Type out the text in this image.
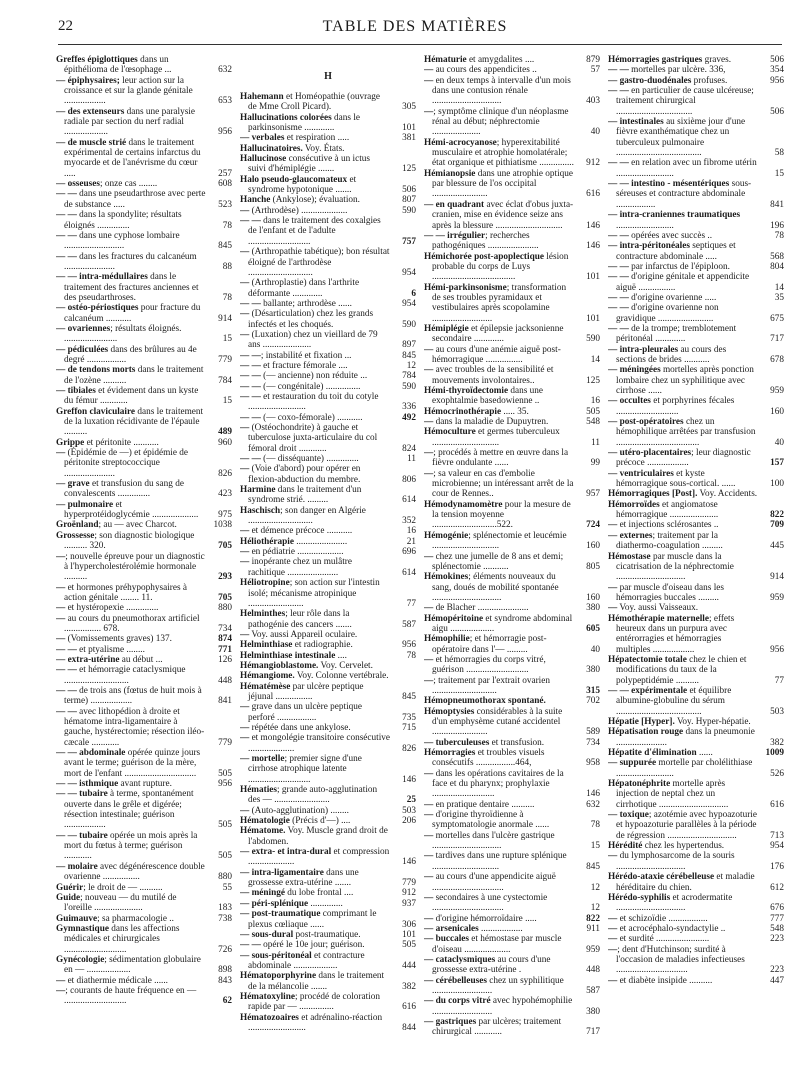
22	TABLE DES MATIÈRES

Greffes épiglottiques dans un épithélioma de l'œsophage ...	632

— épiphysaires; leur action sur la croissance et sur la glande génitale ..................	653

— des extenseurs dans une paralysie radiale par section du nerf radial ...................	956

— de muscle strié dans le traitement expérimental de certains infarctus du myocarde et de l'anévrisme du cœur .....	257

— osseuses; onze cas ........	608

— — dans une pseudarthrose avec perte de substance .....	523

— — dans la spondylite; résultats éloignés ..............	78

— — dans une cyphose lombaire ..........................	845

— — dans les fractures du calcanéum ......................	88

— — intra-médullaires dans le traitement des fractures anciennes et des pseudarthroses.	78

— ostéo-périostiques pour fracture du calcanéum ...........	914

— ovariennes; résultats éloignés. .......................	15

— pédiculées dans des brûlures au 4e degré .................	779

— de tendons morts dans le traitement de l'ozène ..........	784

— tibiales et évidement dans un kyste du fémur ............	15

Greffon claviculaire dans le traitement de la luxation récidivante de l'épaule ..........	489

Grippe et péritonite ...........	960

— (Épidémie de —) et épidémie de péritonite streptococcique ......................	826

— grave et transfusion du sang de convalescents ..............	423

— pulmonaire et hyperprotéidoglycémie .................... 975

Groënland; au — avec Charcot.	1038

Grossesse; son diagnostic biologique .......... 320.	705

—; nouvelle épreuve pour un diagnostic à l'hypercholestérolémie hormonale ..........	293

— et hormones préhypophysaires à action génitale ........ 11.	705

— et hystéropexie ..............	880

— au cours du pneumothorax artificiel ................ 678.	734

— (Vomissements graves) 137.	874

— — et ptyalisme ........	771

— extra-utérine au début ...	126

— — et hémorragie cataclysmique ............................	448

— — de trois ans (fœtus de huit mois à terme) ..................	841

— — avec lithopédion à droite et hématome intra-ligamentaire à gauche, hystérectomie; résection iléo-cæcale ............	779

— — abdominale opérée quinze jours avant le terme; guérison de la mère, mort de l'enfant ............................... 505

— — isthmique avant rupture.	956

— — tubaire à terme, spontanément ouverte dans le grêle et digérée; résection intestinale; guérison ..................	505

— — tubaire opérée un mois après la mort du fœtus à terme; guérison ............	505

— molaire avec dégénérescence double ovarienne ................	880

Guérir; le droit de — ..........	55

Guide; nouveau — du mutilé de l'oreille .....................	183

Guimauve; sa pharmacologie ..	738

Gymnastique dans les affections médicales et chirurgicales ...........................	726

Gynécologie; sédimentation globulaire en — ...................	898

— et diathermie médicale ......	843

—; courants de haute fréquence en — ...........................	62

H

Hahemann et Homéopathie (ouvrage de Mme Croll Picard).	305

Hallucinations colorées dans le parkinsonisme .............	101

— verbales et respiration .....	381

Hallucinatoires. Voy. États.

Hallucinose consécutive à un ictus suivi d'hémiplégie .......	125

Halo pseudo-glaucomateux et syndrome hypotonique .......	506

Hanche (Ankylose); évaluation.	807

— (Arthrodèse) ....................	590

— — dans le traitement des coxalgies de l'enfant et de l'adulte ...........................	757

— (Arthropathie tabétique); bon résultat éloigné de l'arthrodèse ............................	954

— (Arthroplastie) dans l'arthrite déformante .............	6

— — ballante; arthrodèse ......	954

— (Désarticulation) chez les grands infectés et les choqués.	590

— (Luxation) chez un vieillard de 79 ans .....................	897

— —; instabilité et fixation ...	845

— — et fracture fémorale ....	12

— — (— ancienne) non réduite ...	784

— — (— congénitale) ...............	590

— — et restauration du toit du cotyle .........................	336

— — (— coxo-fémorale) ...........	492

— (Ostéochondrite) à gauche et tuberculose juxta-articulaire du col fémoral droit ............	824

— — (— disséquante) ..............	11

— (Voie d'abord) pour opérer en flexion-abduction du membre.	806

Harmine dans le traitement d'un syndrome strié. .........	614

Haschisch; son danger en Algérie ............................	352

— et démence précoce ...........	16

Héliothérapie ......................	21

— en pédiatrie ....................	696

— inopérante chez un mulâtre rachitique ......................	614

Héliotropine; son action sur l'intestin isolé; mécanisme atropinique ........................	77

Helminthes; leur rôle dans la pathogénie des cancers .......	587

— Voy. aussi Appareil oculaire.

Helminthiase et radiographie.	956

Helminthiase intestinale ....	78

Hémangioblastome. Voy. Cervelet.

Hémangiome. Voy. Colonne vertébrale.

Hématémèse par ulcère peptique jéjunal ................	845

— grave dans un ulcère peptique perforé .................	735

— répétée dans une ankylose.	715

— et mongolégie transitoire consécutive ....................	826

— mortelle; premier signe d'une cirrhose atrophique latente ...........................	146

Hématies; grande auto-agglutination des — ........................	25

— (Auto-agglutination) ........	503

Hématologie (Précis d'—) ....	206

Hématome. Voy. Muscle grand droit de l'abdomen.

— extra- et intra-dural et compression ....................	146

— intra-ligamentaire dans une grossesse extra-utérine .......	779

— méningé du lobe frontal ....	912

— péri-splénique ..............	937

— post-traumatique comprimant le plexus cœliaque ......	306

— sous-dural post-traumatique.	101

— — opéré le 10e jour; guérison.	505

— sous-péritonéal et contracture abdominale ...................	444

Hématoporphyrine dans le traitement de la mélancolie .......	382

Hématoxyline; procédé de coloration rapide par — ...............	616

Hématozoaires et adrénalino-réaction .........................	844

Hématurie et amygdalites ....	879

— au cours des appendicites ..	57

— en deux temps à intervalle d'un mois dans une contusion rénale ..............................	403

—; symptôme clinique d'un néoplasme rénal au début; néphrectomie .....................	40

Hémi-acrocyanose; hyperexitabilité musculaire et atrophie homolatérale; état organique et pithiatisme ............... 912

Hémianopsie dans une atrophie optique par blessure de l'os occipital ........................	616

— en quadrant avec éclat d'obus juxta-cranien, mise en évidence seize ans après la blessure .............................	146

— — irrégulier; recherches pathogéniques ......................	146

Hémichorée post-apoplectique lésion probable du corps de Luys ....................................	101

Hémi-parkinsonisme; transformation de ses troubles pyramidaux et vestibulaires après scopolamine ..........................	101

Hémiplégie et épilepsie jacksonienne secondaire .............	590

— au cours d'une anémie aiguë post-hémorragique ................	14

— avec troubles de la sensibilité et mouvements involontaires..	125

Hémi-thyroïdectomie dans une exophtalmie basedowienne ..	16

Hémocrinothérapie ..... 35.	505

— dans la maladie de Dupuytren.	548

Hémoculture et germes tuberculeux .............................	11

—; procédés à mettre en œuvre dans la fièvre ondulante ......	99

—; sa valeur en cas d'embolie microbienne; un intéressant arrêt de la cour de Rennes..	957

Hémodynamomètre pour la mesure de la tension moyenne ............................522.	724

Hémogénie; splénectomie et leucémie .............................	160

— chez une jumelle de 8 ans et demi; splénectomie ...........	805

Hémokines; éléments nouveaux du sang, doués de mobilité spontanée ..............................	160

— de Blacher ......................	380

Hémopéritoine et syndrome abdominal aigu ...................	605

Hémophilie; et hémorragie post-opératoire dans l'— .........	40

— et hémorragies du corps vitré, guérison ...........................	380

—; traitement par l'extrait ovarien ............................	315

Hémopneumothorax spontané.	702

Hémoptysies considérables à la suite d'un emphysème cutané accidentel ........................	589

— tuberculeuses et transfusion.	734

Hémorragies et troubles visuels consécutifs .................464,	958

— dans les opérations cavitaires de la face et du pharynx; prophylaxie ...........................	146

— en pratique dentaire ..........	632

— d'origine thyroïdienne à symptomatologie anormale ......	78

— mortelles dans l'ulcère gastrique ..............................	15

— tardives dans une rupture splénique .............................	845

— au cours d'une appendicite aiguë ...............................	12

— secondaires à une cystectomie ...............................	12

— d'origine hémorroïdaire .....	822

— arsenicales ..................	911

— buccales et hémostase par muscle d'oiseau ....................	959

— cataclysmiques au cours d'une grossesse extra-utérine .	448

— cérébelleuses chez un syphilitique ..........................	587

— du corps vitré avec hypohémophilie ..........................	380

— gastriques par ulcères; traitement chirurgical ............	717

Hémorragies gastriques graves.	506

— — mortelles par ulcère. 336,	354

— gastro-duodénales profuses.	956

— — en particulier de cause ulcéreuse; traitement chirurgical .................................	506

— intestinales au sixième jour d'une fièvre exanthématique chez un tuberculeux pulmonaire .....................................	58

— — en relation avec un fibrome utérin .........................	15

— — intestino - mésentériques sous-séreuses et contracture abdominale .................	841

— intra-craniennes traumatiques .........................	196

— — opérées avec succès ..	78

— intra-péritonéales septiques et contracture abdominale .....	568

— — par infarctus de l'épiploon.	804

— — d'origine génitale et appendicite aiguë ................	14

— — d'origine ovarienne .....	35

— — d'origine ovarienne non gravidique ........................	675

— — de la trompe; tremblotement péritonéal .............	717

— intra-pleurales au cours des sections de brides ...........	678

— méningées mortelles après ponction lombaire chez un syphilitique avec cirrhose ......	959

— occultes et porphyrines fécales ...........................	160

— post-opératoires chez un hémophilique arrêtées par transfusion ....................................	40

— utéro-placentaires; leur diagnostic précoce ..................	157

— ventriculaires et kyste hémorragique sous-cortical. ......	100

Hémorragiques [Post]. Voy. Accidents.

Hémorroïdes et angiomatose hémorragique .....................	822

— et injections sclérosantes ..	709

— externes; traitement par la diathermo-coagulation .........	445

Hémostase par muscle dans la cicatrisation de la néphrectomie ..............................	914

— par muscle d'oiseau dans les hémorragies buccales .........	959

— Voy. aussi Vaisseaux.

Hémothérapie maternelle; effets heureux dans un purpura avec entérorragies et hémorragies multiples ..................	956

Hépatectomie totale chez le chien et modifications du taux de la polypeptidémie ..........	77

— — expérimentale et équilibre albumine-globuline du sérum .....................................	503

Hépatie [Hyper]. Voy. Hyper-hépatie.

Hépatisation rouge dans la pneumonie ......................	382

Hépatite d'élimination ......	1009

— suppurée mortelle par cholélithiase .........................	526

Hépatonéphrite mortelle après injection de neptal chez un cirrhotique ..............................	616

— toxique; azotémie avec hypoazoturie et hypoazoturie parallèles à la période de régression ..............................	713

Hérédité chez les hypertendus.	954

— du lymphosarcome de la souris ..............................	176

Hérédo-ataxie cérébelleuse et maladie héréditaire du chien.	612

Hérédo-syphilis et acrodermatite ..............................	676

— et schizoïdie .................	777

— et acrocéphalo-syndactylie ..	548

— et surdité .......................	223

—; dent d'Hutchinson; surdité à l'occasion de maladies infectieuses ...............................	223

— et diabète insipide ..........	447
